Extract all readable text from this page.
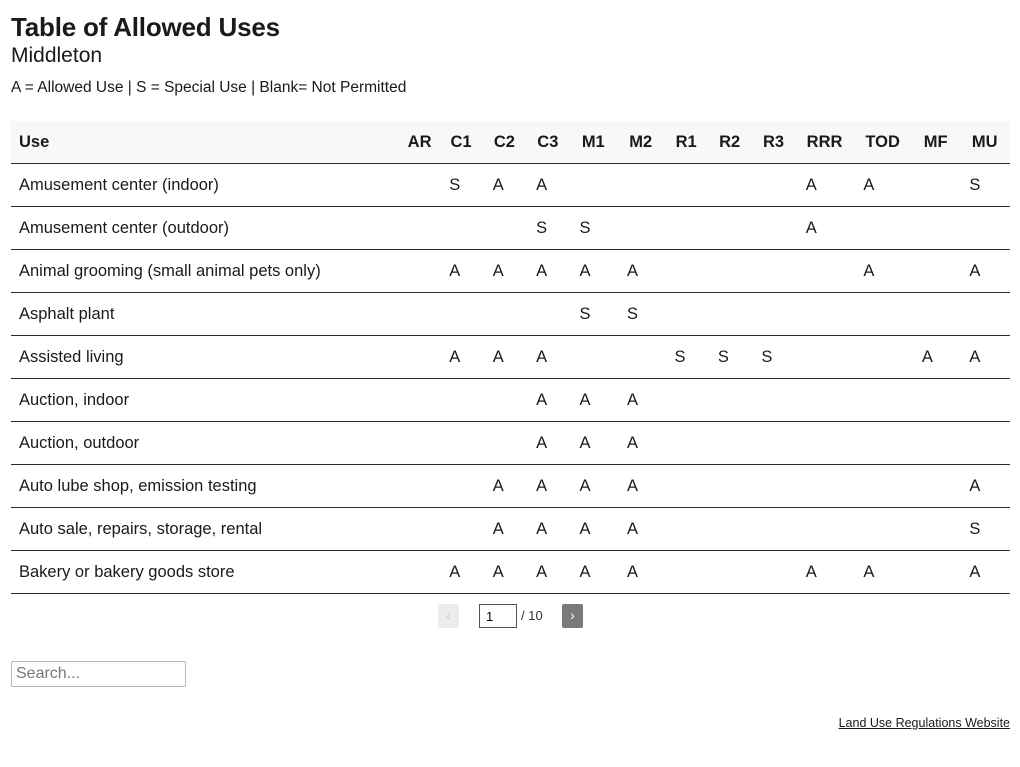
Table of Allowed Uses
Middleton
A = Allowed Use | S = Special Use | Blank= Not Permitted
Use	AR	C1	C2	C3	M1	M2	R1	R2	R3	RRR	TOD	MF	MU
Amusement center (indoor)		S	A	A						A	A		S
Amusement center (outdoor)				S	S					A			
Animal grooming (small animal pets only)		A	A	A	A	A					A		A
Asphalt plant					S	S							
Assisted living		A	A	A			S	S	S			A	A
Auction, indoor				A	A	A							
Auction, outdoor				A	A	A							
Auto lube shop, emission testing			A	A	A	A							A
Auto sale, repairs, storage, rental			A	A	A	A							S
Bakery or bakery goods store		A	A	A	A	A				A	A		A
‹
1	/ 10	›
Search...
Land Use Regulations Website
